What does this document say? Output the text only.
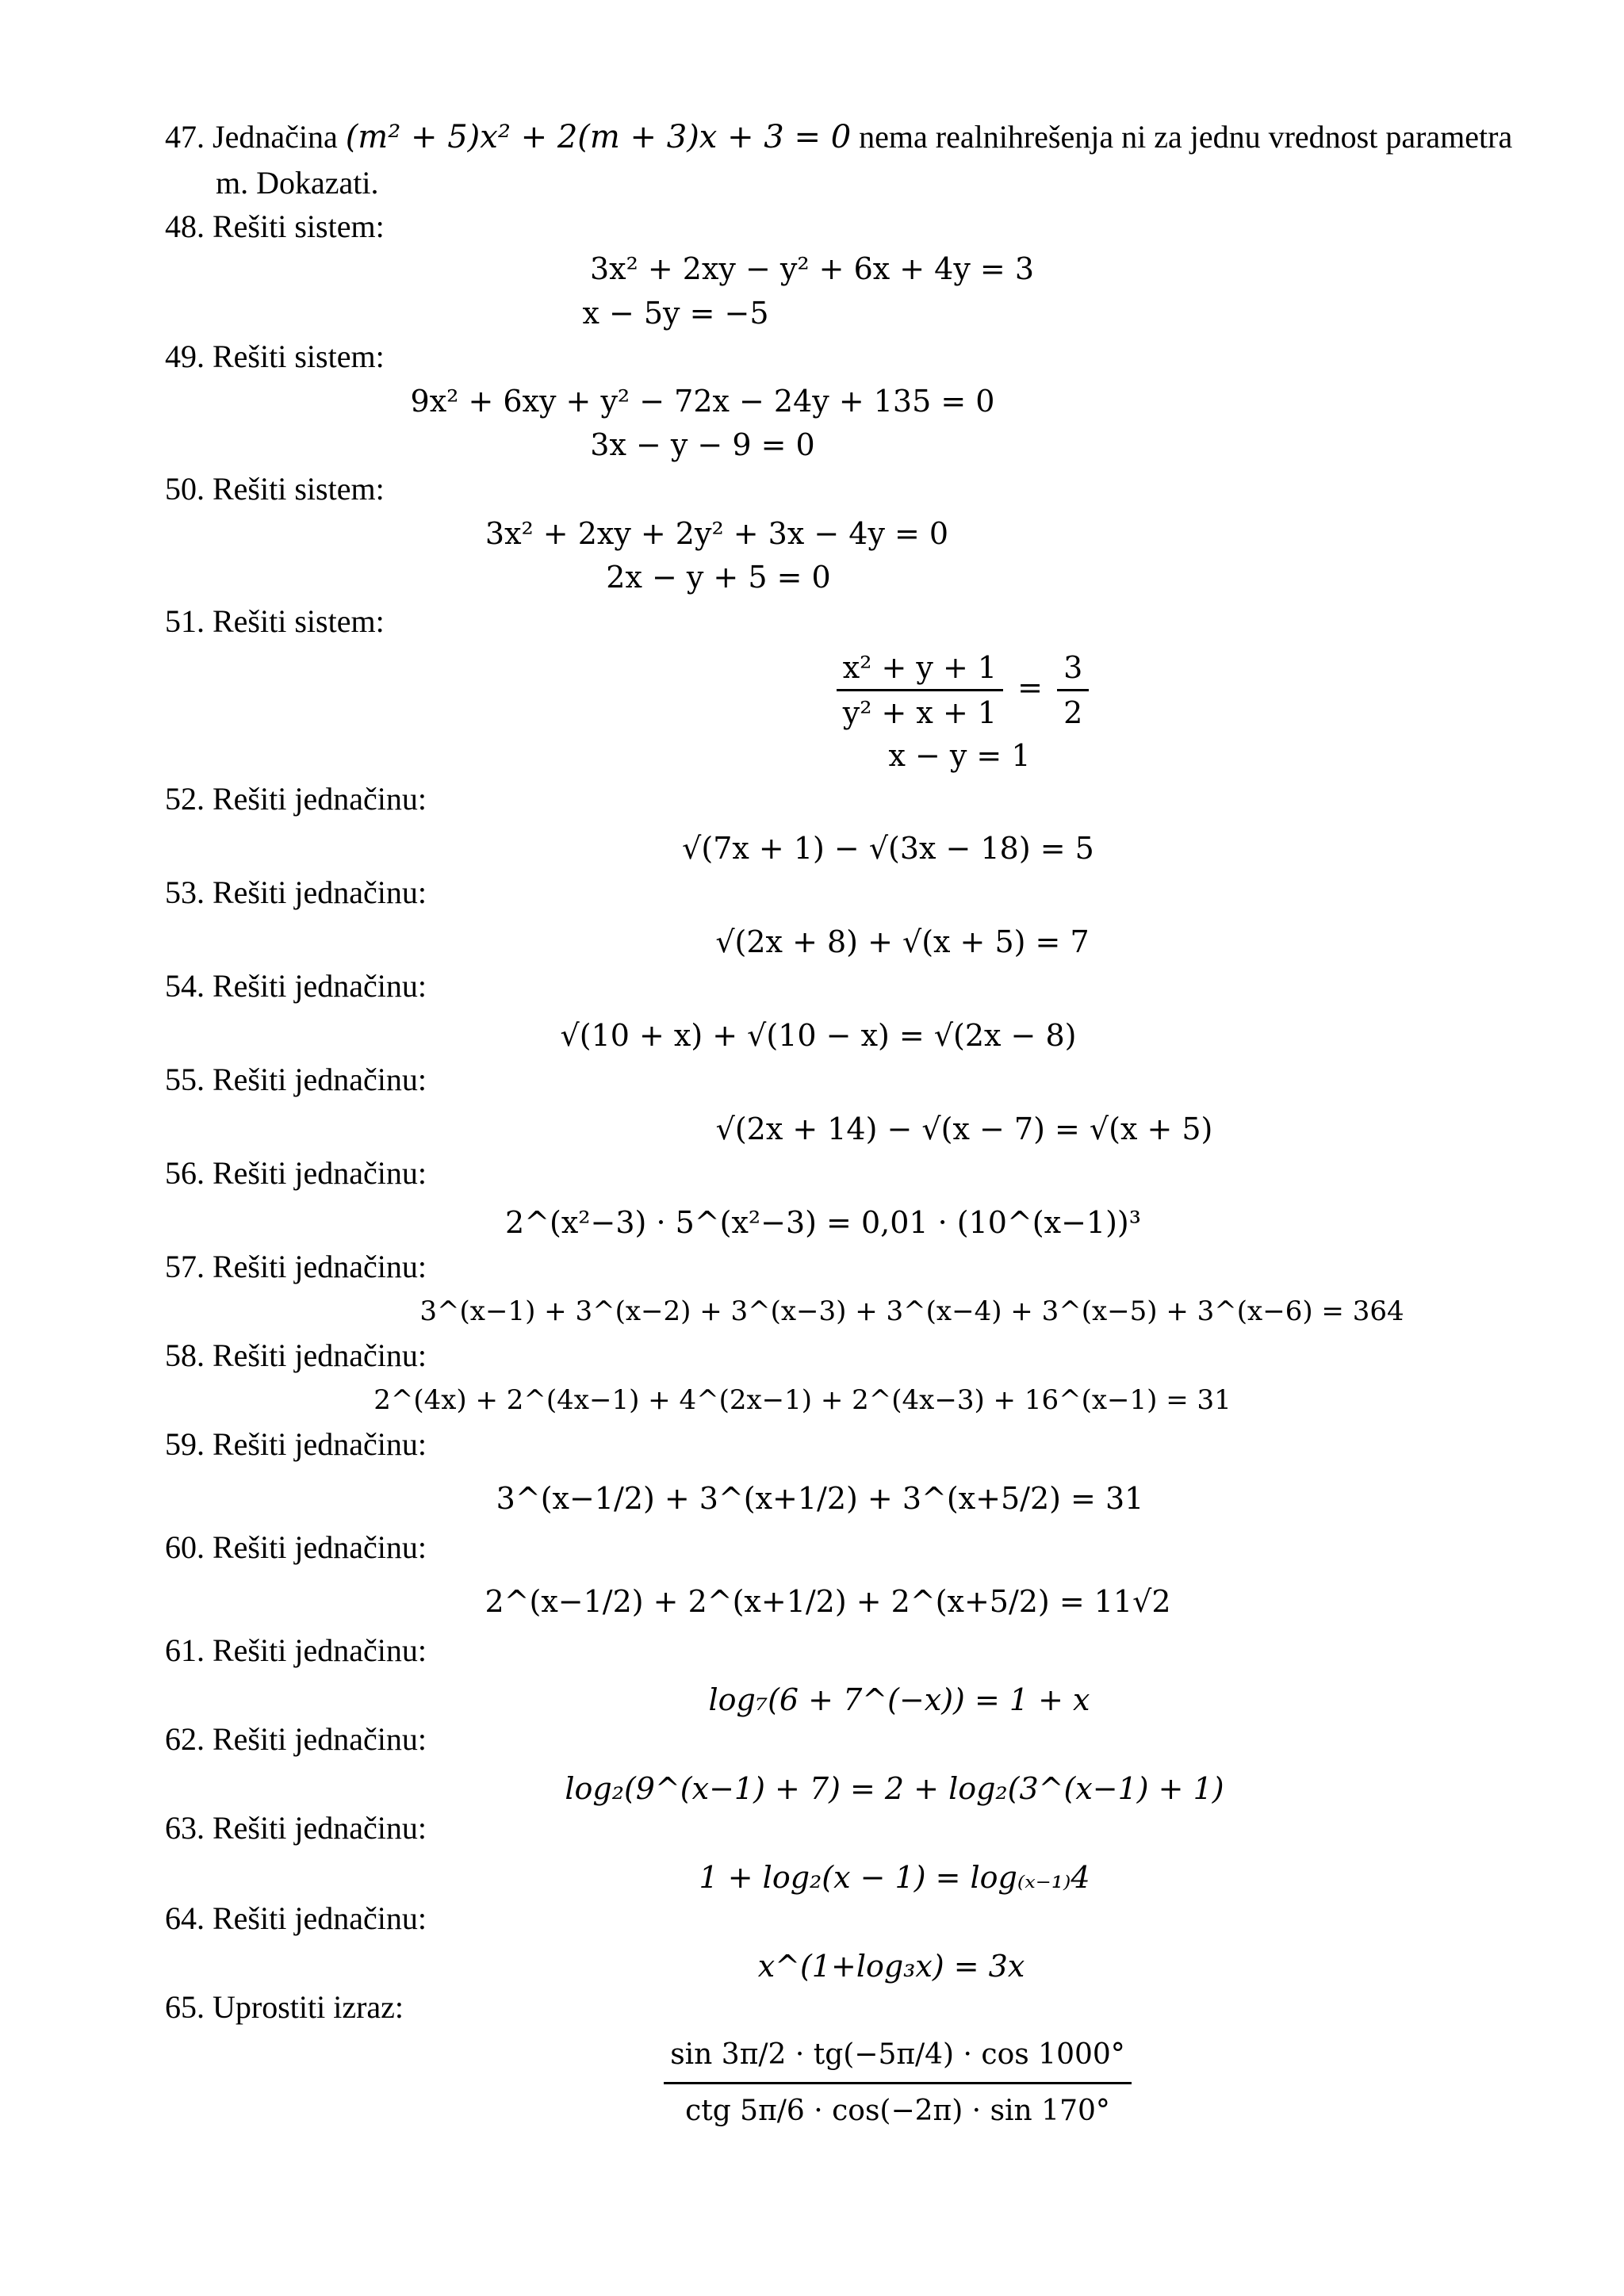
47. Jednačina (m² + 5)x² + 2(m + 3)x + 3 = 0 nema realnihrešenja ni za jednu vrednost parametra
m. Dokazati.
48. Rešiti sistem:
3x² + 2xy − y² + 6x + 4y = 3
x − 5y = −5
49. Rešiti sistem:
9x² + 6xy + y² − 72x − 24y + 135 = 0
3x − y − 9 = 0
50. Rešiti sistem:
3x² + 2xy + 2y² + 3x − 4y = 0
2x − y + 5 = 0
51. Rešiti sistem:
$\frac{\text{x² + y + 1}}{\text{y² + x + 1}} = \frac{3}{2}$
x − y = 1
52. Rešiti jednačinu:
√(7x + 1) − √(3x − 18) = 5
53. Rešiti jednačinu:
√(2x + 8) + √(x + 5) = 7
54. Rešiti jednačinu:
√(10 + x) + √(10 − x) = √(2x − 8)
55. Rešiti jednačinu:
√(2x + 14) − √(x − 7) = √(x + 5)
56. Rešiti jednačinu:
2^(x²−3) · 5^(x²−3) = 0,01 · (10^(x−1))³
57. Rešiti jednačinu:
3^(x−1) + 3^(x−2) + 3^(x−3) + 3^(x−4) + 3^(x−5) + 3^(x−6) = 364
58. Rešiti jednačinu:
2^(4x) + 2^(4x−1) + 4^(2x−1) + 2^(4x−3) + 16^(x−1) = 31
59. Rešiti jednačinu:
3^(x−1/2) + 3^(x+1/2) + 3^(x+5/2) = 31
60. Rešiti jednačinu:
2^(x−1/2) + 2^(x+1/2) + 2^(x+5/2) = 11√2
61. Rešiti jednačinu:
log₇(6 + 7^(−x)) = 1 + x
62. Rešiti jednačinu:
log₂(9^(x−1) + 7) = 2 + log₂(3^(x−1) + 1)
63. Rešiti jednačinu:
1 + log₂(x − 1) = log₍ₓ₋₁₎4
64. Rešiti jednačinu:
x^(1+log₃x) = 3x
65. Uprostiti izraz:
sin 3π/2 · tg(−5π/4) · cos 1000°
ctg 5π/6 · cos(−2π) · sin 170°
